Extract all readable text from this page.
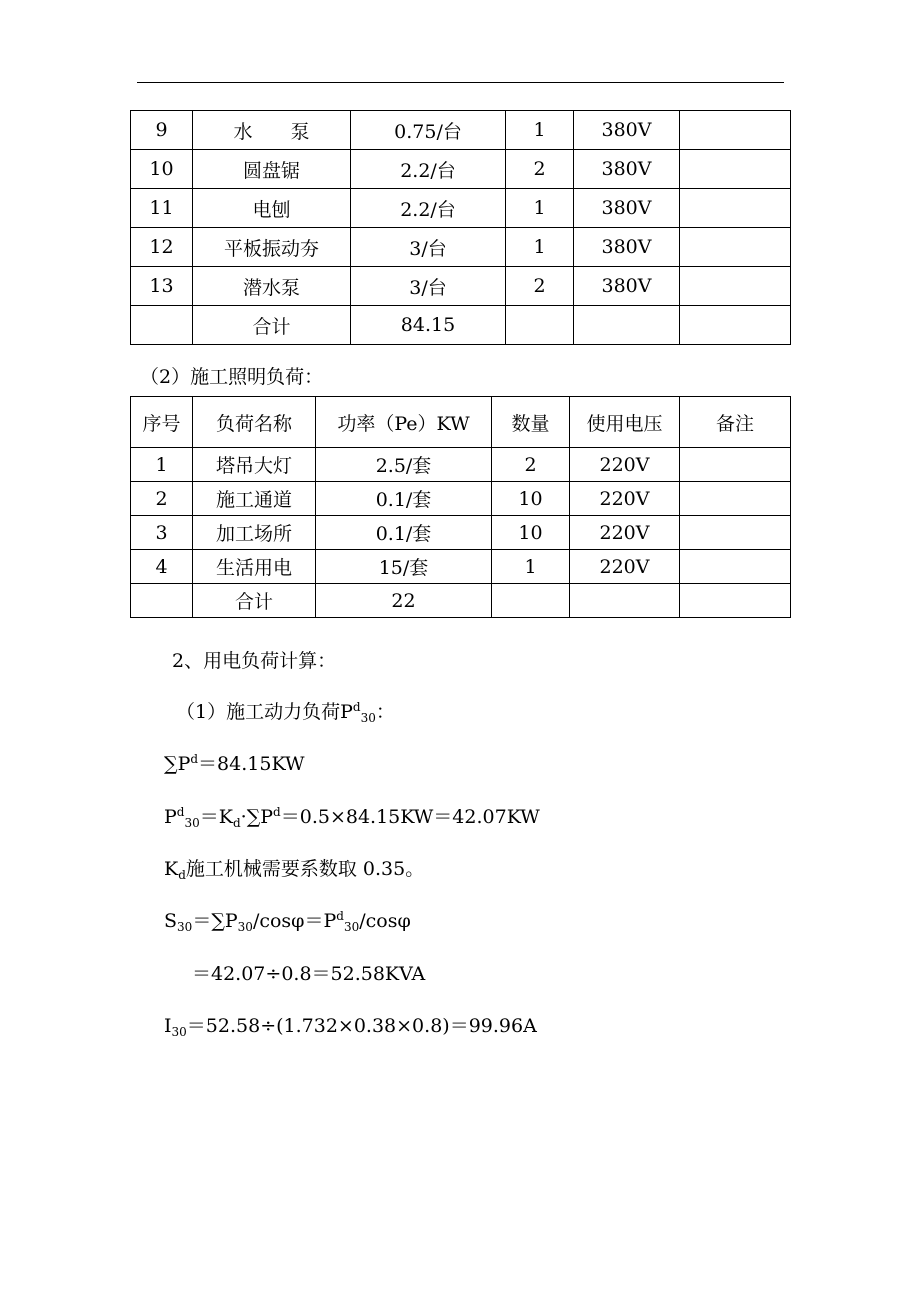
9	水　　泵	0.75/台	1	380V	
10	圆盘锯	2.2/台	2	380V	
11	电刨	2.2/台	1	380V	
12	平板振动夯	3/台	1	380V	
13	潜水泵	3/台	2	380V	
	合计	84.15			
（2）施工照明负荷：
序号	负荷名称	功率（Pe）KW	数量	使用电压	备注
1	塔吊大灯	2.5/套	2	220V	
2	施工通道	0.1/套	10	220V	
3	加工场所	0.1/套	10	220V	
4	生活用电	15/套	1	220V	
	合计	22			
2、用电负荷计算：
（1）施工动力负荷$P^d_{30}$：
$\sum P^d=84.15KW$
$P^d_{30}=K_d\cdot\sum P^d=0.5\times 84.15KW=42.07KW$
$K_d$施工机械需要系数取 0.35。
$S_{30}=\sum P_{30}/\cos\varphi=P^d_{30}$/cosφ
＝42.07÷0.8＝52.58KVA
$I_{30}=52.58\div(1.732\times 0.38\times 0.8)=99.96A$
